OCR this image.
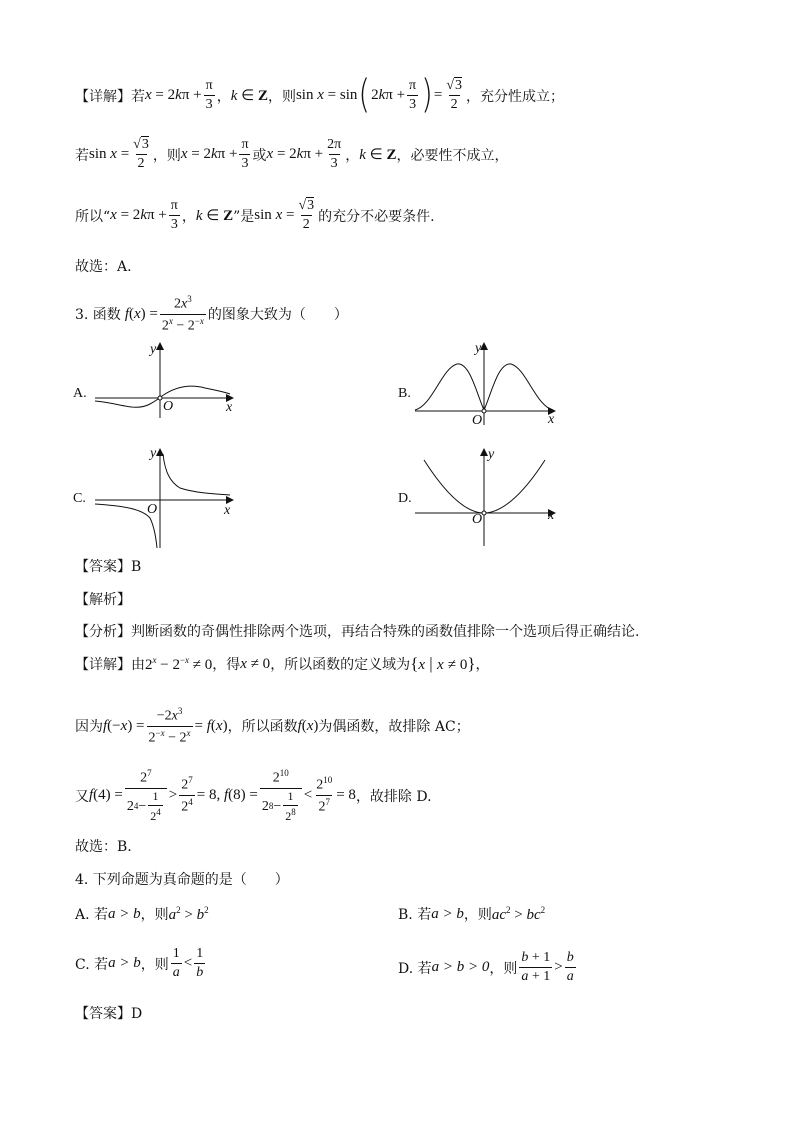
【详解】 若 $x = 2k\pi + \frac{\pi}{3}$ ， k ∈ Z ，则 sin x = sin ( $2k\pi + \frac{\pi}{3}$ ) = $\frac{√3}{2}$ ，充分性成立；
若 $\sin x = \frac{√3}{2}$ ，则 $x = 2k\pi + \frac{\pi}{3}$ 或 $x = 2k\pi + \frac{2\pi}{3}$ ， k ∈ Z ，必要性不成立，
所以“ $x = 2k\pi + \frac{\pi}{3}$ ， k ∈ Z ”是 $\sin x = \frac{√3}{2}$ 的充分不必要条件.
故选：A.
3. 函数 $f(x) = \frac{2x^3}{2^x - 2^{-x}}$ 的图象大致为（　　）
A.
y
x
O
B.
y
x
O
C.
y
x
O
D.
y
x
O
【答案】B
【解析】
【分析】判断函数的奇偶性排除两个选项，再结合特殊的函数值排除一个选项后得正确结论.
【详解】由 $2^x - 2^{-x} \ne 0$ ，得 x ≠ 0 ，所以函数的定义域为 {x | x ≠ 0} ，
因为 $f(-x) = \frac{-2x^3}{2^{-x} - 2^x} = f(x)$ ，所以函数 f(x) 为偶函数，故排除 AC；
又 $f(4) = \frac{2^7}{2 4 - \frac{1}{2^4}} > \frac{2^7}{2^4} = 8$, $f(8) = \frac{2^{10}}{2 8 - \frac{1}{2^8}} < \frac{2^{10}}{2^7} = 8$ ，故排除 D.
故选：B.
4. 下列命题为真命题的是（　　）
A. 若 a > b ，则 $a^2 > b^2$	B. 若 a > b ，则 $ac^2 > bc^2$
C. 若 a > b ，则 $\frac{1}{a} < \frac{1}{b}$	D. 若 a > b > 0 ，则 $\frac{b + 1}{a + 1} > \frac{b}{a}$
【答案】D
